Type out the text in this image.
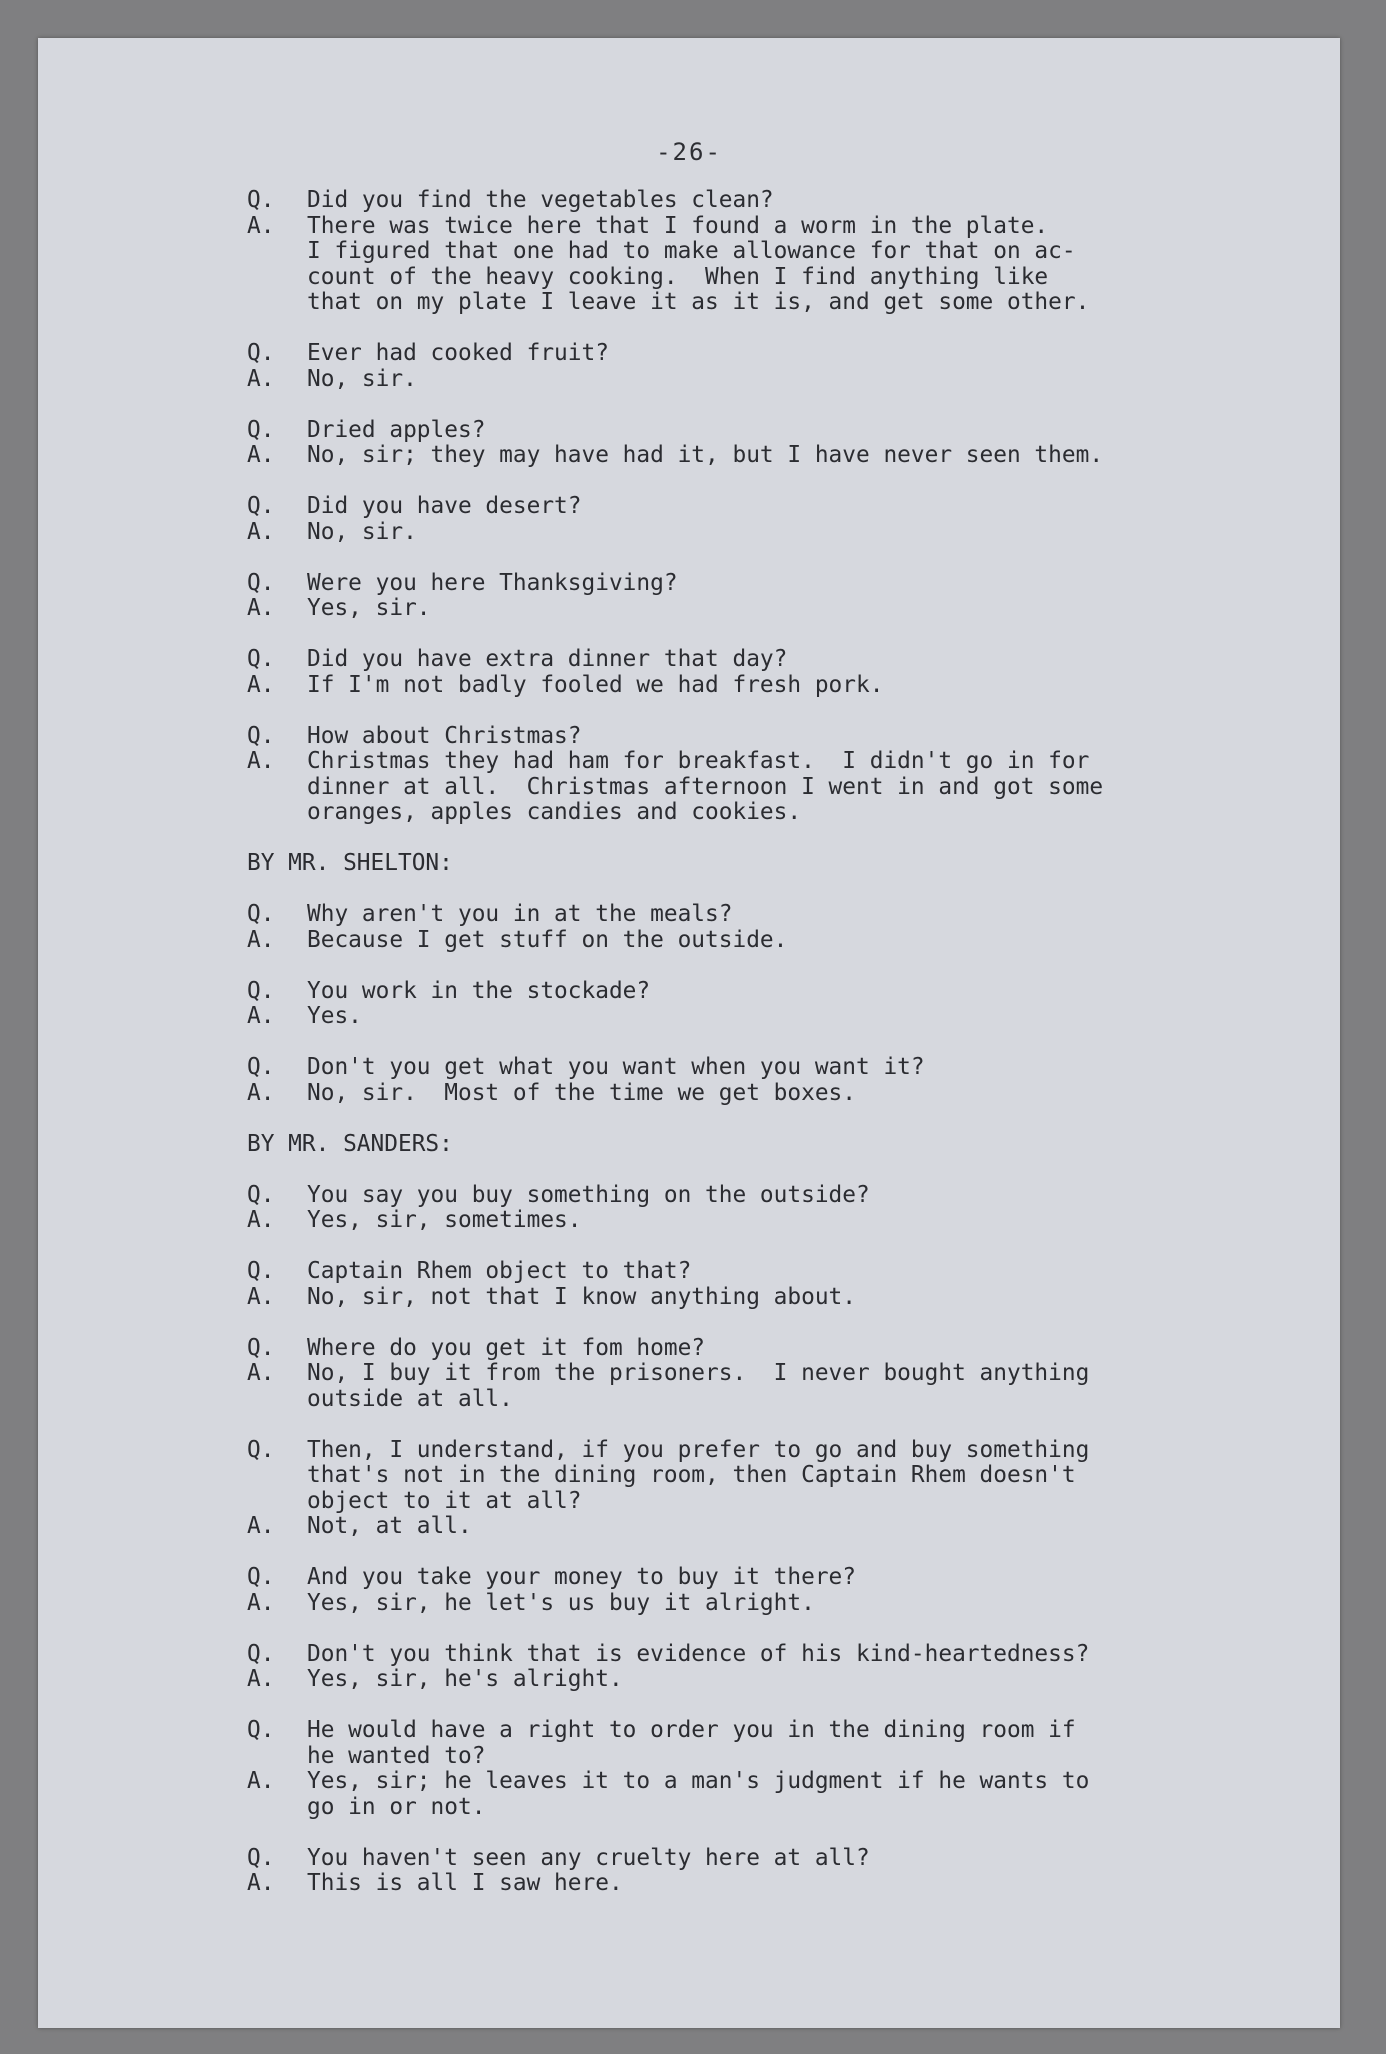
-26-
Q.	Did you find the vegetables clean?
A.	There was twice here that I found a worm in the plate.
I figured that one had to make allowance for that on ac-
count of the heavy cooking.  When I find anything like
that on my plate I leave it as it is, and get some other.
Q.	Ever had cooked fruit?
A.	No, sir.
Q.	Dried apples?
A.	No, sir; they may have had it, but I have never seen them.
Q.	Did you have desert?
A.	No, sir.
Q.	Were you here Thanksgiving?
A.	Yes, sir.
Q.	Did you have extra dinner that day?
A.	If I'm not badly fooled we had fresh pork.
Q.	How about Christmas?
A.	Christmas they had ham for breakfast.  I didn't go in for
dinner at all.  Christmas afternoon I went in and got some
oranges, apples candies and cookies.
BY MR. SHELTON:
Q.	Why aren't you in at the meals?
A.	Because I get stuff on the outside.
Q.	You work in the stockade?
A.	Yes.
Q.	Don't you get what you want when you want it?
A.	No, sir.  Most of the time we get boxes.
BY MR. SANDERS:
Q.	You say you buy something on the outside?
A.	Yes, sir, sometimes.
Q.	Captain Rhem object to that?
A.	No, sir, not that I know anything about.
Q.	Where do you get it fom home?
A.	No, I buy it from the prisoners.  I never bought anything
outside at all.
Q.	Then, I understand, if you prefer to go and buy something
that's not in the dining room, then Captain Rhem doesn't
object to it at all?
A.	Not, at all.
Q.	And you take your money to buy it there?
A.	Yes, sir, he let's us buy it alright.
Q.	Don't you think that is evidence of his kind-heartedness?
A.	Yes, sir, he's alright.
Q.	He would have a right to order you in the dining room if
he wanted to?
A.	Yes, sir; he leaves it to a man's judgment if he wants to
go in or not.
Q.	You haven't seen any cruelty here at all?
A.	This is all I saw here.
